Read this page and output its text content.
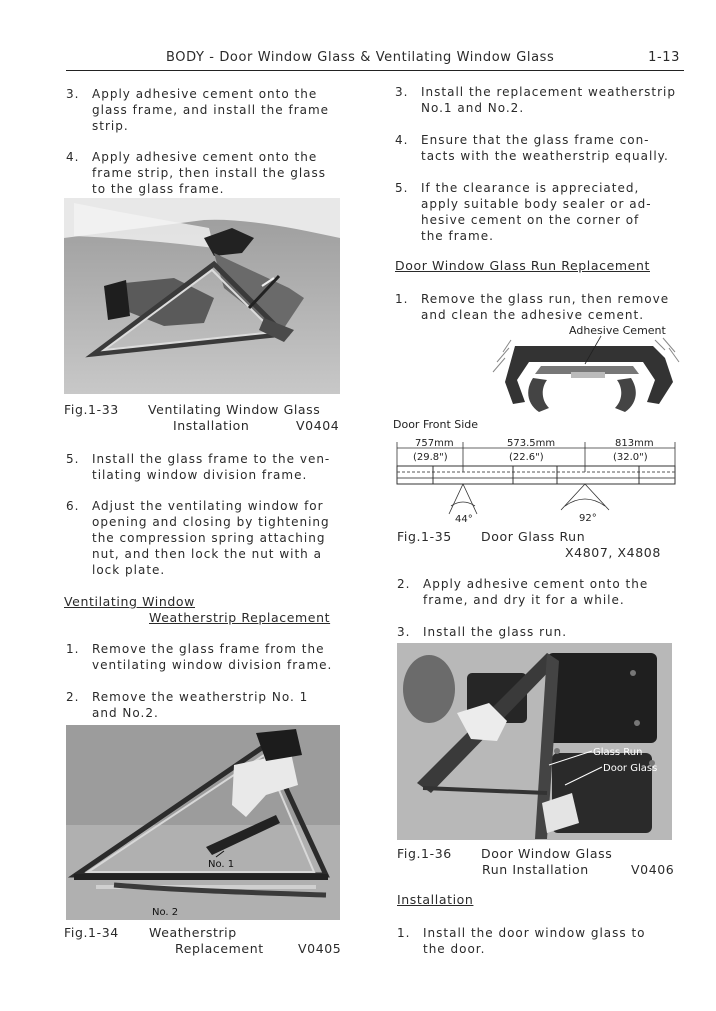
BODY - Door Window Glass & Ventilating Window Glass	1-13
3. Apply adhesive cement onto the
glass frame, and install the frame
strip.
4. Apply adhesive cement onto the
frame strip, then install the glass
to the glass frame.
Fig.1-33 Ventilating Window Glass
Installation	V0404
5. Install the glass frame to the ven-
tilating window division frame.
6. Adjust the ventilating window for
opening and closing by tightening
the compression spring attaching
nut, and then lock the nut with a
lock plate.
Ventilating Window
Weatherstrip Replacement
1. Remove the glass frame from the
ventilating window division frame.
2. Remove the weatherstrip No. 1
and No.2.
No. 1
No. 2
Fig.1-34 Weatherstrip
Replacement	V0405
3. Install the replacement weatherstrip
No.1 and No.2.
4. Ensure that the glass frame con-
tacts with the weatherstrip equally.
5. If the clearance is appreciated,
apply suitable body sealer or ad-
hesive cement on the corner of
the frame.
Door Window Glass Run Replacement
1. Remove the glass run, then remove
and clean the adhesive cement.
Adhesive Cement
Door Front Side
757mm
(29.8")
573.5mm
(22.6")
813mm
(32.0")
44°	92°
Fig.1-35 Door Glass Run
X4807, X4808
2. Apply adhesive cement onto the
frame, and dry it for a while.
3. Install the glass run.
Glass Run
Door Glass
Fig.1-36 Door Window Glass
Run Installation	V0406
Installation
1. Install the door window glass to
the door.
